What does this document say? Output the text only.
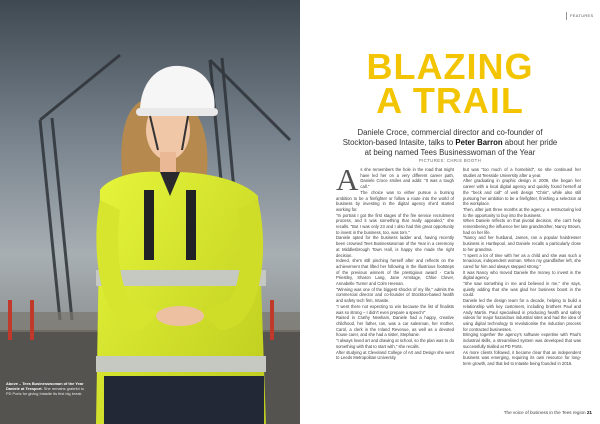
Above – Tees Businesswoman of the Year Daniele at Teesport. She remains grateful to PD Ports for giving Intasite its first big break
FEATURES
BLAZING
A TRAIL
Daniele Croce, commercial director and co-founder of Stockton-based Intasite, talks to Peter Barron about her pride at being named Tees Businesswoman of the Year
PICTURES: CHRIS BOOTH

As she remembers the hole in the road that might have led her on a very different career path, Daniele Croce smiles and adds: "It was a tough call."

The choice was to either pursue a burning ambition to be a firefighter or follow a route into the world of business by investing in the digital agency she'd started working for.

"In portrait I got the first stages of the fire service recruitment process, and it was something that really appealed," she recalls. "But I was only 23 and I also had this great opportunity to invest in the business, too, was torn."

Daniele opted for the business ladder and, having recently been crowned Tees Businesswoman of the Year in a ceremony at Middlesbrough Town Hall, is happy she made the right decision.

Indeed, she's still pinching herself after and reflects on the achievement that lifted her following in the illustrious footsteps of the previous winners of the prestigious award - Carla Priestley, Sharon Lang, Jane Armitage, Chloe Clover, Annabelle Turner and Colm Heenan.

"Winning was one of the biggest shocks of my life," admits the commercial director and co-founder of Stockton-based health and safety tech firm, Intasite.

"I went there not expecting to win because the list of finalists was so strong – I didn't even prepare a speech!"

Raised in Crathy Newham, Daniele had a happy, creative childhood, her father, Ian, was a car salesman, her mother, Carol, a clerk in the Inland Revenue, as well as a devoted house carer, and she had a sister, Stephanie.

"I always loved art and drawing at school, so the plan was to do something with that to start with," she recalls.

After studying at Cleveland College of Art and Design she went to Leeds Metropolitan University

but was "too much of a homebird", so she continued her studies at Teesside University after a year.

After graduating in graphic design in 2009, she began her career with a local digital agency and quickly found herself at the "beck and call" of web design "Chris", while also still pursuing her ambition to be a firefighter, finishing a selection at the workplace.

Then, after just three months at the agency, a restructuring led to the opportunity to buy into the business.

When Daniele reflects on that pivotal decision, she can't help remembering the influence her late grandmother, Nancy Brown, had on her life.

"Nancy and her husband, James, ran a popular hairdresser business in Hartlepool, and Daniele recalls a particularly close to her grandma.

"I spent a lot of time with her as a child and she was such a tenacious, independent woman. When my grandfather left, she cared for him and always stepped strong."

It was Nancy who moved Daniele the money to invest in the digital agency.

"She saw something in me and believed in me," she says, quietly adding that she was glad her business boost in the could.

Daniele led the design team for a decade, helping to build a relationship with key customers, including brothers Paul and Andy Martin. Paul specialised in producing health and safety videos for major hazardous industrial sites and had the idea of using digital technology to revolutionise the induction process for contracted businesses.

Bringing together the agency's software expertise with Paul's industrial skills, a streamlined system was developed that was successfully trialled at PD Ports.

As more clients followed, it became clear that an independent business was emerging, requiring its own resource for long-term growth, and that led to Intasite being founded in 2016.

The voice of business in the Tees region 21
